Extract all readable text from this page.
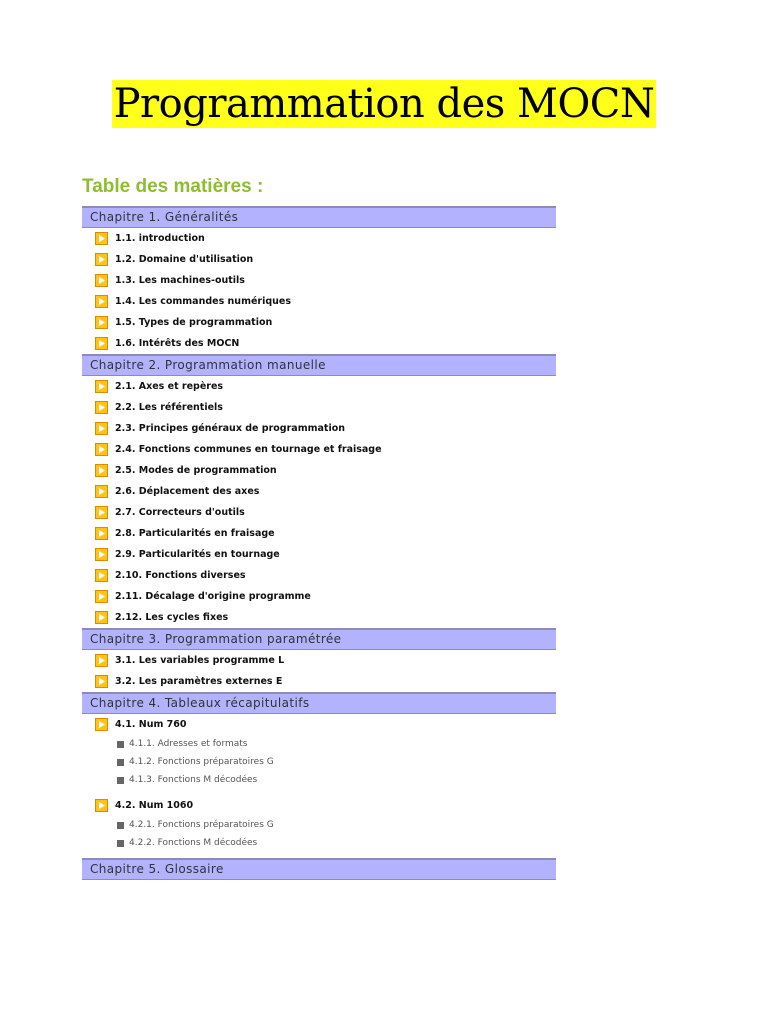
Programmation des MOCN
Table des matières :
Chapitre 1. Généralités
1.1. introduction
1.2. Domaine d'utilisation
1.3. Les machines-outils
1.4. Les commandes numériques
1.5. Types de programmation
1.6. Intérêts des MOCN
Chapitre 2. Programmation manuelle
2.1. Axes et repères
2.2. Les référentiels
2.3. Principes généraux de programmation
2.4. Fonctions communes en tournage et fraisage
2.5. Modes de programmation
2.6. Déplacement des axes
2.7. Correcteurs d'outils
2.8. Particularités en fraisage
2.9. Particularités en tournage
2.10. Fonctions diverses
2.11. Décalage d'origine programme
2.12. Les cycles fixes
Chapitre 3. Programmation paramétrée
3.1. Les variables programme L
3.2. Les paramètres externes E
Chapitre 4. Tableaux récapitulatifs
4.1. Num 760
4.1.1. Adresses et formats
4.1.2. Fonctions préparatoires G
4.1.3. Fonctions M décodées
4.2. Num 1060
4.2.1. Fonctions préparatoires G
4.2.2. Fonctions M décodées
Chapitre 5. Glossaire
